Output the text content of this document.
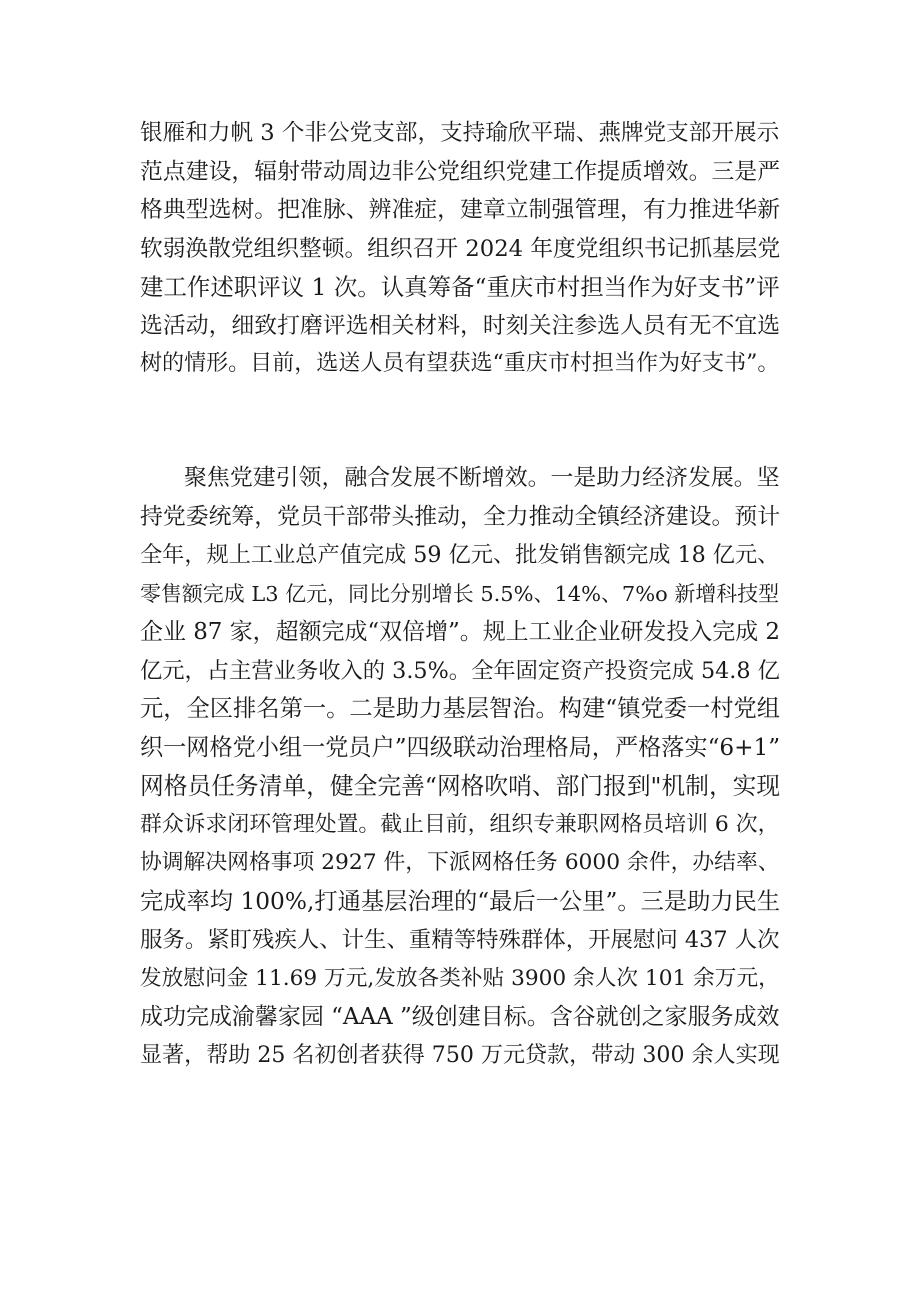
银雁和力帆 3 个非公党支部，支持瑜欣平瑞、燕牌党支部开展示
范点建设，辐射带动周边非公党组织党建工作提质增效。三是严
格典型选树。把准脉、辨准症，建章立制强管理，有力推进华新
软弱涣散党组织整顿。组织召开 2024 年度党组织书记抓基层党
建工作述职评议 1 次。认真筹备“重庆市村担当作为好支书”评
选活动，细致打磨评选相关材料，时刻关注参选人员有无不宜选
树的情形。目前，选送人员有望获选“重庆市村担当作为好支书”。

聚焦党建引领，融合发展不断增效。一是助力经济发展。坚
持党委统筹，党员干部带头推动，全力推动全镇经济建设。预计
全年，规上工业总产值完成 59 亿元、批发销售额完成 18 亿元、
零售额完成 L3 亿元，同比分别增长 5.5%、14%、7%o 新增科技型
企业 87 家，超额完成“双倍增”。规上工业企业研发投入完成 2
亿元，占主营业务收入的 3.5%。全年固定资产投资完成 54.8 亿
元，全区排名第一。二是助力基层智治。构建“镇党委一村党组
织一网格党小组一党员户”四级联动治理格局，严格落实“6+1”
网格员任务清单，健全完善“网格吹哨、部门报到"机制，实现
群众诉求闭环管理处置。截止目前，组织专兼职网格员培训 6 次，
协调解决网格事项 2927 件，下派网格任务 6000 余件，办结率、
完成率均 100%,打通基层治理的“最后一公里”。三是助力民生
服务。紧盯残疾人、计生、重精等特殊群体，开展慰问 437 人次
发放慰问金 11.69 万元,发放各类补贴 3900 余人次 101 余万元，
成功完成渝馨家园 “AAA ”级创建目标。含谷就创之家服务成效
显著，帮助 25 名初创者获得 750 万元贷款，带动 300 余人实现
